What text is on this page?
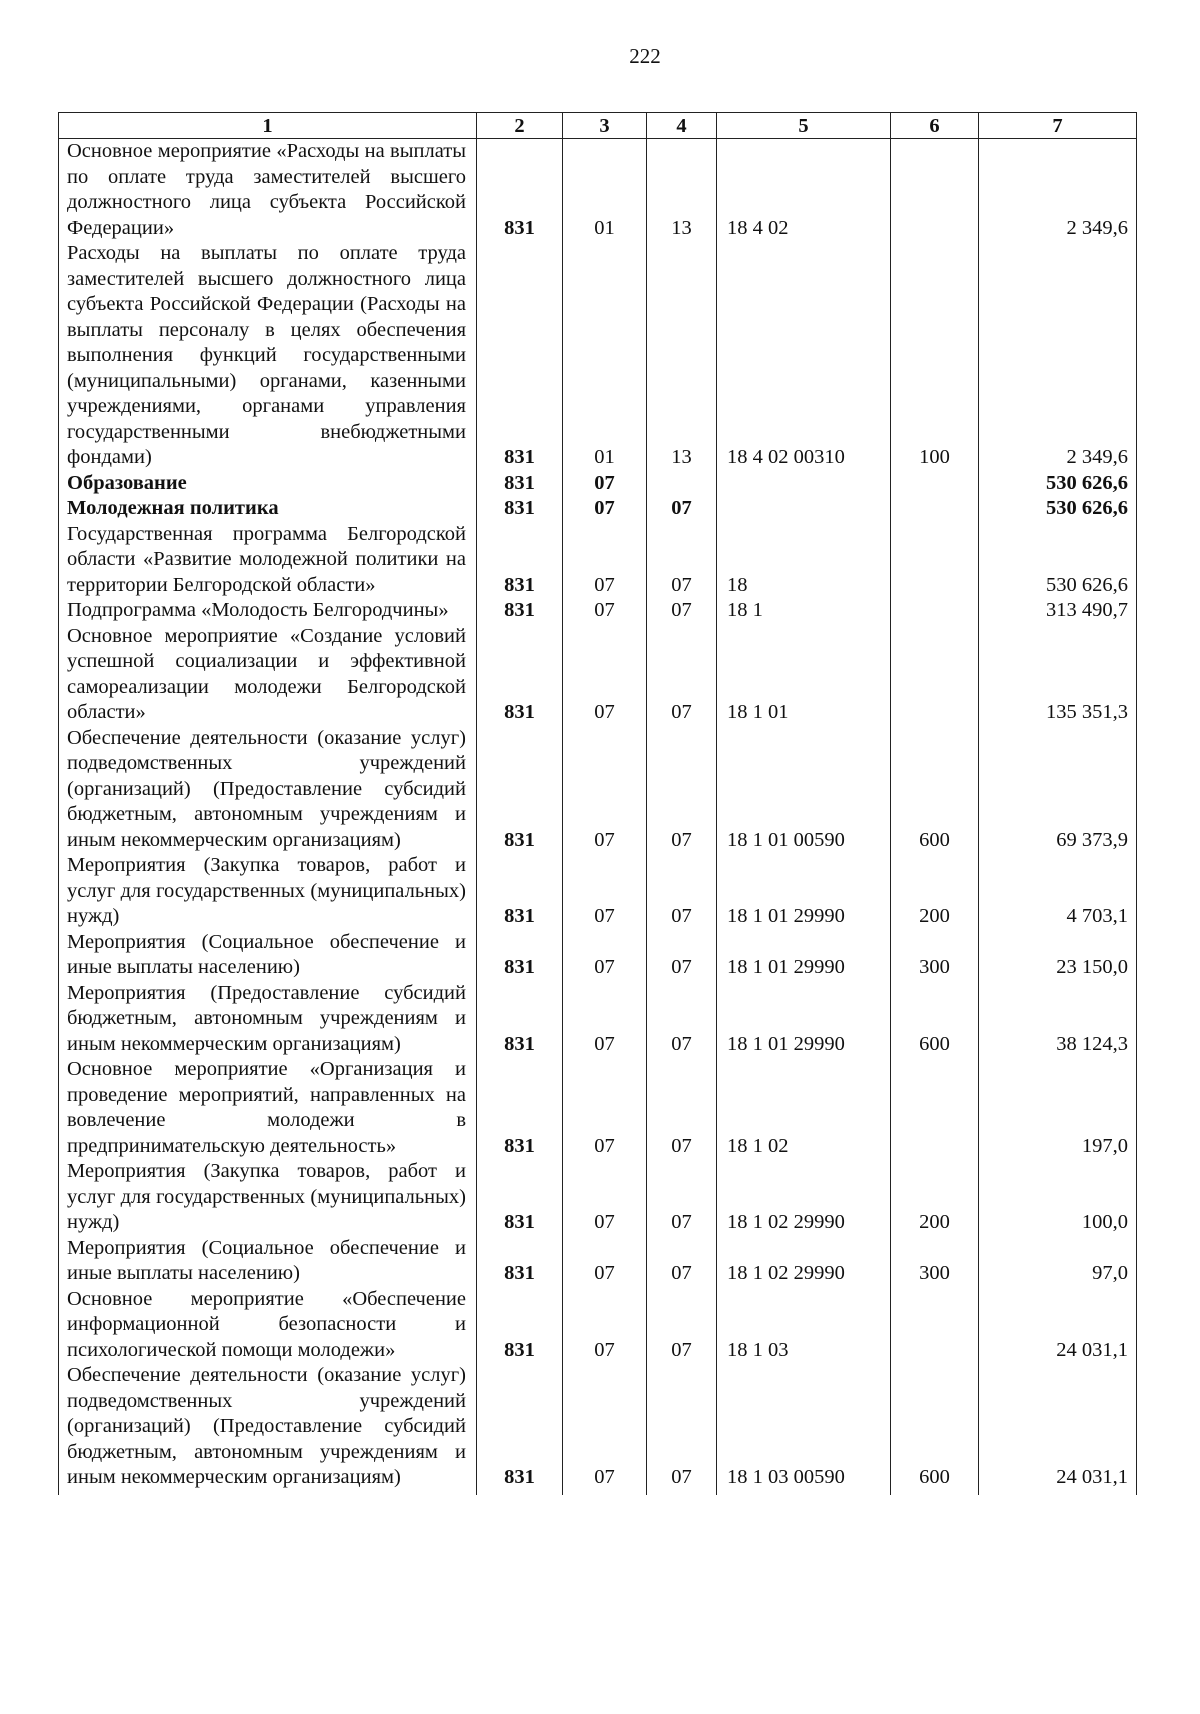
222
1	2	3	4	5	6	7
Основное мероприятие «Расходы на выплаты по оплате труда заместителей высшего должностного лица субъекта Российской Федерации»	831	01	13	18 4 02		2 349,6
Расходы на выплаты по оплате труда заместителей высшего должностного лица субъекта Российской Федерации (Расходы на выплаты персоналу в целях обеспечения выполнения функций государственными (муниципальными) органами, казенными учреждениями, органами управления государственными внебюджетными фондами)	831	01	13	18 4 02 00310	100	2 349,6
Образование	831	07				530 626,6
Молодежная политика	831	07	07			530 626,6
Государственная программа Белгородской области «Развитие молодежной политики на территории Белгородской области»	831	07	07	18		530 626,6
Подпрограмма «Молодость Белгородчины»	831	07	07	18 1		313 490,7
Основное мероприятие «Создание условий успешной социализации и эффективной самореализации молодежи Белгородской области»	831	07	07	18 1 01		135 351,3
Обеспечение деятельности (оказание услуг) подведомственных учреждений (организаций) (Предоставление субсидий бюджетным, автономным учреждениям и иным некоммерческим организациям)	831	07	07	18 1 01 00590	600	69 373,9
Мероприятия (Закупка товаров, работ и услуг для государственных (муниципальных) нужд)	831	07	07	18 1 01 29990	200	4 703,1
Мероприятия (Социальное обеспечение и иные выплаты населению)	831	07	07	18 1 01 29990	300	23 150,0
Мероприятия (Предоставление субсидий бюджетным, автономным учреждениям и иным некоммерческим организациям)	831	07	07	18 1 01 29990	600	38 124,3
Основное мероприятие «Организация и проведение мероприятий, направленных на вовлечение молодежи в предпринимательскую деятельность»	831	07	07	18 1 02		197,0
Мероприятия (Закупка товаров, работ и услуг для государственных (муниципальных) нужд)	831	07	07	18 1 02 29990	200	100,0
Мероприятия (Социальное обеспечение и иные выплаты населению)	831	07	07	18 1 02 29990	300	97,0
Основное мероприятие «Обеспечение информационной безопасности и психологической помощи молодежи»	831	07	07	18 1 03		24 031,1
Обеспечение деятельности (оказание услуг) подведомственных учреждений (организаций) (Предоставление субсидий бюджетным, автономным учреждениям и иным некоммерческим организациям)	831	07	07	18 1 03 00590	600	24 031,1
